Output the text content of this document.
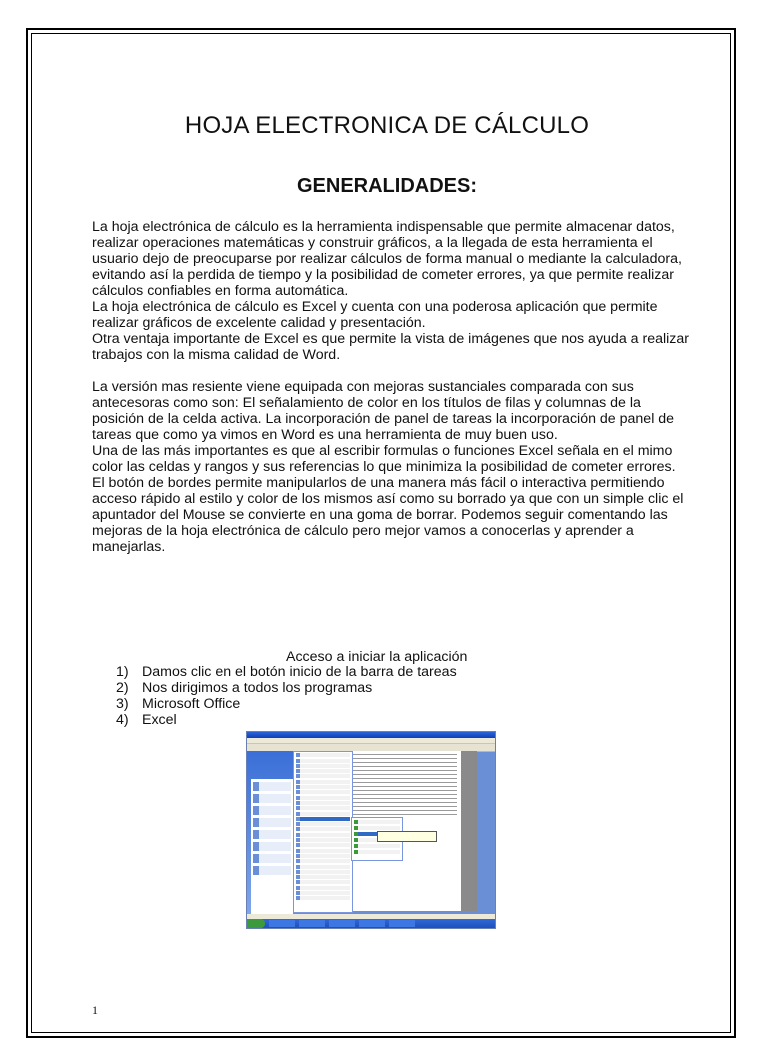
HOJA ELECTRONICA DE CÁLCULO
GENERALIDADES:

La hoja electrónica de cálculo es la herramienta indispensable que permite almacenar datos, realizar operaciones matemáticas y construir gráficos, a la llegada de esta herramienta el usuario dejo de preocuparse por realizar cálculos de forma manual o mediante la calculadora, evitando así la perdida de tiempo y la posibilidad de cometer errores, ya que permite realizar cálculos confiables en forma automática.

La hoja electrónica de cálculo es Excel y cuenta con una poderosa aplicación que permite realizar gráficos de excelente calidad y presentación.

Otra ventaja importante de Excel es que permite la vista de imágenes que nos ayuda a realizar trabajos con la misma calidad de Word.

La versión mas resiente viene equipada con mejoras sustanciales comparada con sus antecesoras como son: El señalamiento de color en los títulos de filas y columnas de la posición de la celda activa. La incorporación de panel de tareas la incorporación de panel de tareas que como ya vimos en Word es una herramienta de muy buen uso.

Una de las más importantes es que al escribir formulas o funciones Excel señala en el mimo color las celdas y rangos y sus referencias lo que minimiza la posibilidad de cometer errores.

El botón de bordes permite manipularlos de una manera más fácil o interactiva permitiendo acceso rápido al estilo y color de los mismos así como su borrado ya que con un simple clic el apuntador del Mouse se convierte en una goma de borrar. Podemos seguir comentando las mejoras de la hoja electrónica de cálculo pero mejor vamos a conocerlas y aprender a manejarlas.

Acceso a iniciar la aplicación

1) Damos clic en el botón inicio de la barra de tareas
2) Nos dirigimos a todos los programas
3) Microsoft Office
4) Excel
1
